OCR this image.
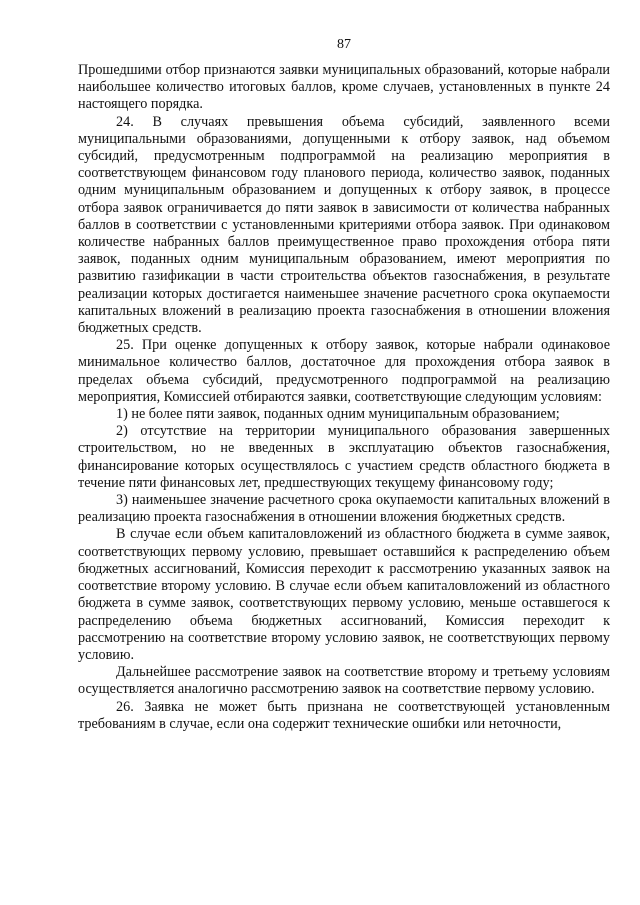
87

Прошедшими отбор признаются заявки муниципальных образований, которые набрали наибольшее количество итоговых баллов, кроме случаев, установленных в пункте 24 настоящего порядка.

24. В случаях превышения объема субсидий, заявленного всеми муниципальными образованиями, допущенными к отбору заявок, над объемом субсидий, предусмотренным подпрограммой на реализацию мероприятия в соответствующем финансовом году планового периода, количество заявок, поданных одним муниципальным образованием и допущенных к отбору заявок, в процессе отбора заявок ограничивается до пяти заявок в зависимости от количества набранных баллов в соответствии с установленными критериями отбора заявок. При одинаковом количестве набранных баллов преимущественное право прохождения отбора пяти заявок, поданных одним муниципальным образованием, имеют мероприятия по развитию газификации в части строительства объектов газоснабжения, в результате реализации которых достигается наименьшее значение расчетного срока окупаемости капитальных вложений в реализацию проекта газоснабжения в отношении вложения бюджетных средств.

25. При оценке допущенных к отбору заявок, которые набрали одинаковое минимальное количество баллов, достаточное для прохождения отбора заявок в пределах объема субсидий, предусмотренного подпрограммой на реализацию мероприятия, Комиссией отбираются заявки, соответствующие следующим условиям:

1) не более пяти заявок, поданных одним муниципальным образованием;

2) отсутствие на территории муниципального образования завершенных строительством, но не введенных в эксплуатацию объектов газоснабжения, финансирование которых осуществлялось с участием средств областного бюджета в течение пяти финансовых лет, предшествующих текущему финансовому году;

3) наименьшее значение расчетного срока окупаемости капитальных вложений в реализацию проекта газоснабжения в отношении вложения бюджетных средств.

В случае если объем капиталовложений из областного бюджета в сумме заявок, соответствующих первому условию, превышает оставшийся к распределению объем бюджетных ассигнований, Комиссия переходит к рассмотрению указанных заявок на соответствие второму условию. В случае если объем капиталовложений из областного бюджета в сумме заявок, соответствующих первому условию, меньше оставшегося к распределению объема бюджетных ассигнований, Комиссия переходит к рассмотрению на соответствие второму условию заявок, не соответствующих первому условию.

Дальнейшее рассмотрение заявок на соответствие второму и третьему условиям осуществляется аналогично рассмотрению заявок на соответствие первому условию.

26. Заявка не может быть признана не соответствующей установленным требованиям в случае, если она содержит технические ошибки или неточности,
